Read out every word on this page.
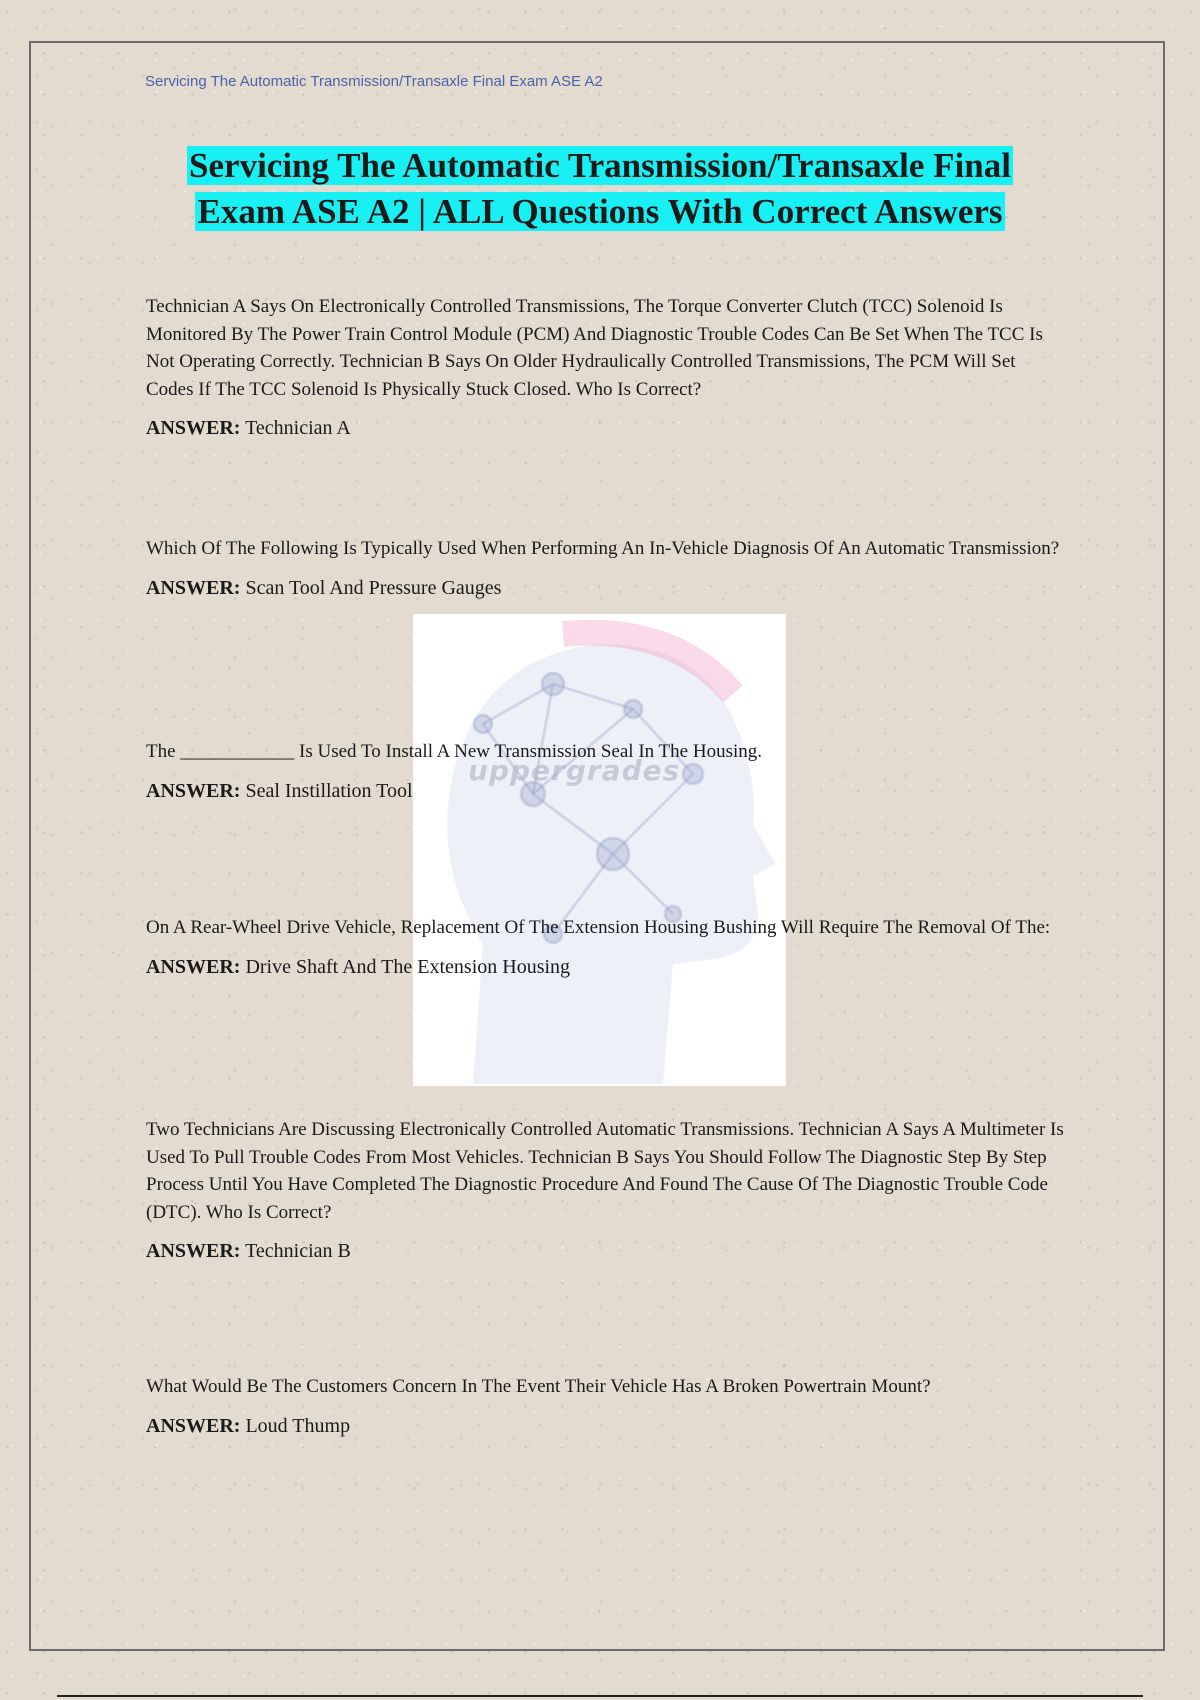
Servicing The Automatic Transmission/Transaxle Final Exam ASE A2
Servicing The Automatic Transmission/Transaxle Final
Exam ASE A2 | ALL Questions With Correct Answers
uppergrades

Technician A Says On Electronically Controlled Transmissions, The Torque Converter Clutch (TCC) Solenoid Is Monitored By The Power Train Control Module (PCM) And Diagnostic Trouble Codes Can Be Set When The TCC Is Not Operating Correctly. Technician B Says On Older Hydraulically Controlled Transmissions, The PCM Will Set Codes If The TCC Solenoid Is Physically Stuck Closed. Who Is Correct?

ANSWER: Technician A

Which Of The Following Is Typically Used When Performing An In-Vehicle Diagnosis Of An Automatic Transmission?

ANSWER: Scan Tool And Pressure Gauges

The ____________ Is Used To Install A New Transmission Seal In The Housing.

ANSWER: Seal Instillation Tool

On A Rear-Wheel Drive Vehicle, Replacement Of The Extension Housing Bushing Will Require The Removal Of The:

ANSWER: Drive Shaft And The Extension Housing

Two Technicians Are Discussing Electronically Controlled Automatic Transmissions. Technician A Says A Multimeter Is Used To Pull Trouble Codes From Most Vehicles. Technician B Says You Should Follow The Diagnostic Step By Step Process Until You Have Completed The Diagnostic Procedure And Found The Cause Of The Diagnostic Trouble Code (DTC). Who Is Correct?

ANSWER: Technician B

What Would Be The Customers Concern In The Event Their Vehicle Has A Broken Powertrain Mount?

ANSWER: Loud Thump
